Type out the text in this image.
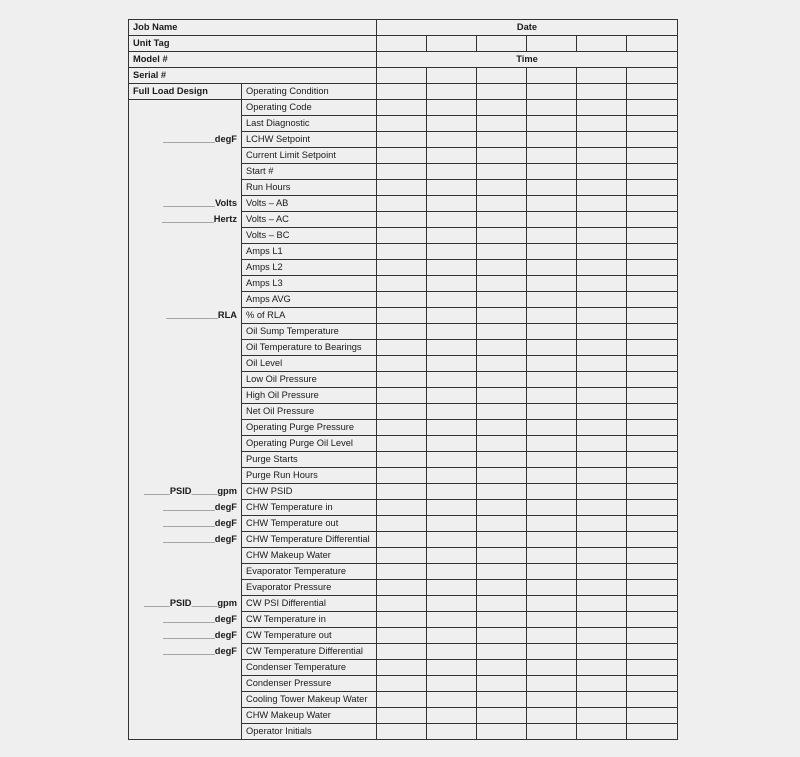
Job Name		Date					
Unit Tag							
Model #		Time					
Serial #							
Full Load Design	Operating Condition						
	Operating Code						
	Last Diagnostic						
__________degF	LCHW Setpoint						
	Current Limit Setpoint						
	Start #						
	Run Hours						
__________Volts	Volts – AB						
__________Hertz	Volts – AC						
	Volts – BC						
	Amps L1						
	Amps L2						
	Amps L3						
	Amps AVG						
__________RLA	% of RLA						
	Oil Sump Temperature						
	Oil Temperature to Bearings						
	Oil Level						
	Low Oil Pressure						
	High Oil Pressure						
	Net Oil Pressure						
	Operating Purge Pressure						
	Operating Purge Oil Level						
	Purge Starts						
	Purge Run Hours						
_____PSID_____gpm	CHW PSID						
__________degF	CHW Temperature in						
__________degF	CHW Temperature out						
__________degF	CHW Temperature Differential						
	CHW Makeup Water						
	Evaporator Temperature						
	Evaporator Pressure						
_____PSID_____gpm	CW PSI Differential						
__________degF	CW Temperature in						
__________degF	CW Temperature out						
__________degF	CW Temperature Differential						
	Condenser Temperature						
	Condenser Pressure						
	Cooling Tower Makeup Water						
	CHW Makeup Water						
	Operator Initials						
